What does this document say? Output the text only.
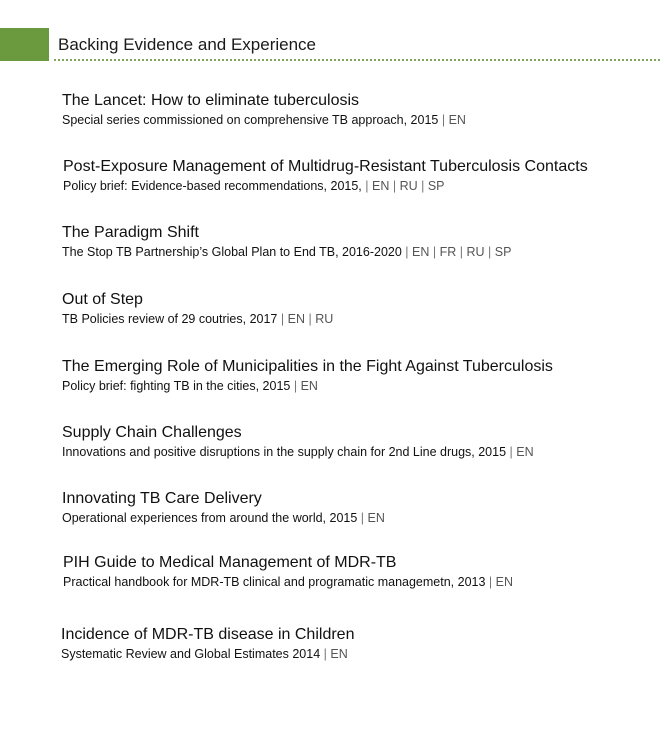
Backing Evidence and Experience
The Lancet: How to eliminate tuberculosis
Special series commissioned on comprehensive TB approach, 2015 | EN
Post-Exposure Management of Multidrug-Resistant Tuberculosis Contacts
Policy brief: Evidence-based recommendations, 2015, | EN | RU | SP
The Paradigm Shift
The Stop TB Partnership’s Global Plan to End TB, 2016-2020 | EN | FR | RU | SP
Out of Step
TB Policies review of 29 coutries, 2017 | EN | RU
The Emerging Role of Municipalities in the Fight Against Tuberculosis
Policy brief: fighting TB in the cities, 2015 | EN
Supply Chain Challenges
Innovations and positive disruptions in the supply chain for 2nd Line drugs, 2015 | EN
Innovating TB Care Delivery
Operational experiences from around the world, 2015 | EN
PIH Guide to Medical Management of MDR-TB
Practical handbook for MDR-TB clinical and programatic managemetn, 2013 | EN
Incidence of MDR-TB disease in Children
Systematic Review and Global Estimates 2014 | EN
